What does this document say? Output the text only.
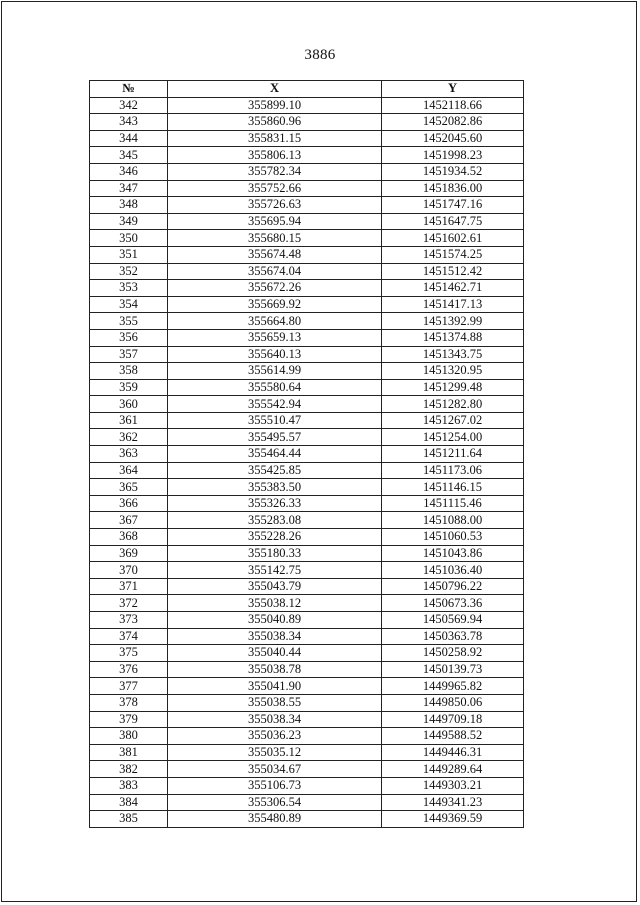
3886
№	X	Y
342	355899.10	1452118.66
343	355860.96	1452082.86
344	355831.15	1452045.60
345	355806.13	1451998.23
346	355782.34	1451934.52
347	355752.66	1451836.00
348	355726.63	1451747.16
349	355695.94	1451647.75
350	355680.15	1451602.61
351	355674.48	1451574.25
352	355674.04	1451512.42
353	355672.26	1451462.71
354	355669.92	1451417.13
355	355664.80	1451392.99
356	355659.13	1451374.88
357	355640.13	1451343.75
358	355614.99	1451320.95
359	355580.64	1451299.48
360	355542.94	1451282.80
361	355510.47	1451267.02
362	355495.57	1451254.00
363	355464.44	1451211.64
364	355425.85	1451173.06
365	355383.50	1451146.15
366	355326.33	1451115.46
367	355283.08	1451088.00
368	355228.26	1451060.53
369	355180.33	1451043.86
370	355142.75	1451036.40
371	355043.79	1450796.22
372	355038.12	1450673.36
373	355040.89	1450569.94
374	355038.34	1450363.78
375	355040.44	1450258.92
376	355038.78	1450139.73
377	355041.90	1449965.82
378	355038.55	1449850.06
379	355038.34	1449709.18
380	355036.23	1449588.52
381	355035.12	1449446.31
382	355034.67	1449289.64
383	355106.73	1449303.21
384	355306.54	1449341.23
385	355480.89	1449369.59
